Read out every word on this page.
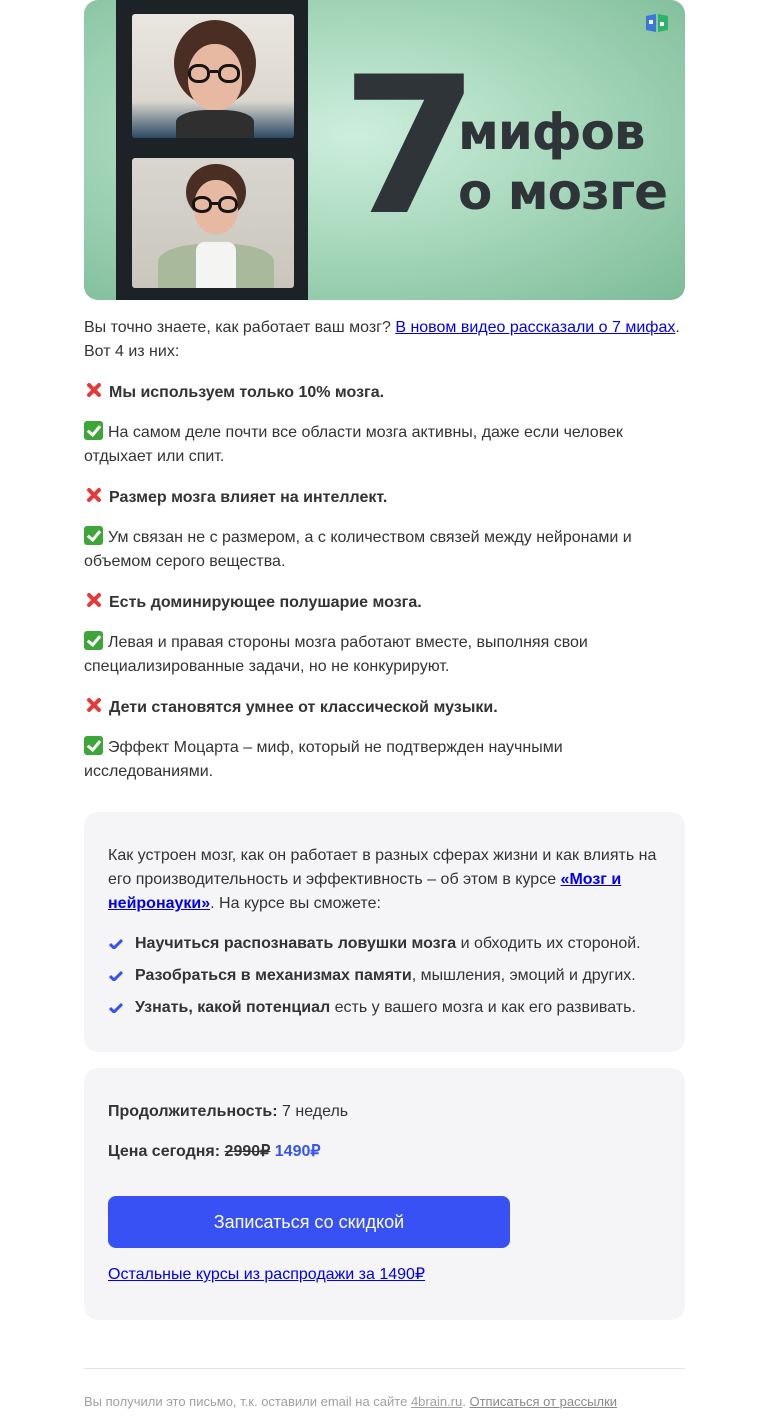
7
мифов
о мозге

Вы точно знаете, как работает ваш мозг? В новом видео рассказали о 7 мифах. Вот 4 из них:

Мы используем только 10% мозга.

На самом деле почти все области мозга активны, даже если человек отдыхает или спит.

Размер мозга влияет на интеллект.

Ум связан не с размером, а с количеством связей между нейронами и объемом серого вещества.

Есть доминирующее полушарие мозга.

Левая и правая стороны мозга работают вместе, выполняя свои специализированные задачи, но не конкурируют.

Дети становятся умнее от классической музыки.

Эффект Моцарта – миф, который не подтвержден научными исследованиями.

Как устроен мозг, как он работает в разных сферах жизни и как влиять на его производительность и эффективность – об этом в курсе «Мозг и нейронауки». На курсе вы сможете:

Научиться распознавать ловушки мозга и обходить их стороной.
Разобраться в механизмах памяти, мышления, эмоций и других.
Узнать, какой потенциал есть у вашего мозга и как его развивать.

Продолжительность: 7 недель

Цена сегодня: 2990₽ 1490₽

Записаться со скидкой
Остальные курсы из распродажи за 1490₽

Вы получили это письмо, т.к. оставили email на сайте 4brain.ru. Отписаться от рассылки
